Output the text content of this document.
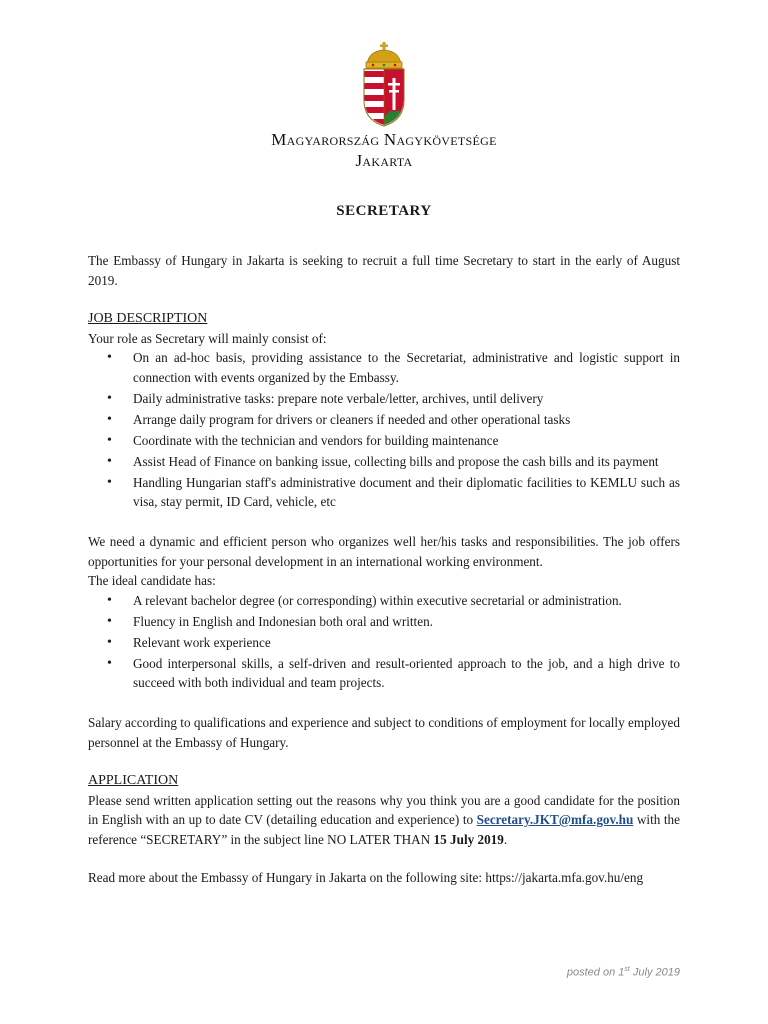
Magyarország Nagykövetsége
Jakarta
SECRETARY

The Embassy of Hungary in Jakarta is seeking to recruit a full time Secretary to start in the early of August 2019.

JOB DESCRIPTION

Your role as Secretary will mainly consist of:

• On an ad-hoc basis, providing assistance to the Secretariat, administrative and logistic support in connection with events organized by the Embassy.
• Daily administrative tasks: prepare note verbale/letter, archives, until delivery
• Arrange daily program for drivers or cleaners if needed and other operational tasks
• Coordinate with the technician and vendors for building maintenance
• Assist Head of Finance on banking issue, collecting bills and propose the cash bills and its payment
• Handling Hungarian staff's administrative document and their diplomatic facilities to KEMLU such as visa, stay permit, ID Card, vehicle, etc

We need a dynamic and efficient person who organizes well her/his tasks and responsibilities. The job offers opportunities for your personal development in an international working environment.

The ideal candidate has:

• A relevant bachelor degree (or corresponding) within executive secretarial or administration.
• Fluency in English and Indonesian both oral and written.
• Relevant work experience
• Good interpersonal skills, a self-driven and result-oriented approach to the job, and a high drive to succeed with both individual and team projects.

Salary according to qualifications and experience and subject to conditions of employment for locally employed personnel at the Embassy of Hungary.

APPLICATION

Please send written application setting out the reasons why you think you are a good candidate for the position in English with an up to date CV (detailing education and experience) to Secretary.JKT@mfa.gov.hu with the reference “SECRETARY” in the subject line NO LATER THAN 15 July 2019.

Read more about the Embassy of Hungary in Jakarta on the following site: https://jakarta.mfa.gov.hu/eng

posted on 1st July 2019
